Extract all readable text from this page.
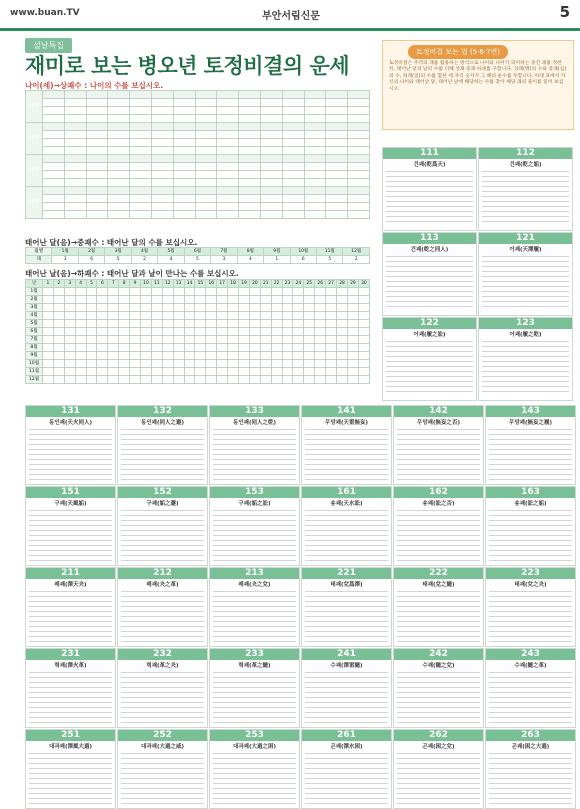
www.buan.TV	부안서림신문	5
설날특집
재미로 보는 병오년 토정비결의 운세
토정비결 보는 법 (5·6·7번)
토정비결은 주역의 괘를 활용하는 방식으로 나이와 나이가 의미하는 중간 괘를 정한 뒤, 태어난 달과 날의 수를 더해 상괘·중괘·하괘를 구합니다. 상괘(백)의 수와 중괘(십)의 수, 하괘(일)의 수를 합한 세 자리 숫자가 그 해의 운수를 뜻합니다. 아래 표에서 자신의 나이와 태어난 달, 태어난 날에 해당하는 수를 찾아 해당 괘의 풀이를 읽어 보십시오.
나이(세)→상괘수 : 나이의 수를 보십시오.
나이															

나이															

나이															

나이															

태어난 달(음)→중괘수 : 태어난 달의 수를 보십시오.
월별	1월	2월	3월	4월	5월	6월	7월	8월	9월	10월	11월	12월
괘	3	6	5	2	4	5	3	4	1	6	5	2
태어난 날(음)→하괘수 : 태어난 달과 날이 만나는 수를 보십시오.
날	1	2	3	4	5	6	7	8	9	10	11	12	13	14	15	16	17	18	19	20	21	22	23	24	25	26	27	28	29	30
1월																														
2월																														
3월																														
4월																														
5월																														
6월																														
7월																														
8월																														
9월																														
10월																														
11월																														
12월																														
111
건괘(乾爲天)
112
건괘(乾之姤)
113
건괘(乾之同人)
121
이괘(天澤履)
122
이괘(履之訟)
123
이괘(履之乾)
131
동인괘(天火同人)
132
동인괘(同人之遯)
133
동인괘(同人之乾)
141
무망괘(天雷無妄)
142
무망괘(無妄之否)
143
무망괘(無妄之履)
151
구괘(天風姤)
152
구괘(姤之遯)
153
구괘(姤之訟)
161
송괘(天水訟)
162
송괘(訟之否)
163
송괘(訟之姤)
211
쾌괘(澤天夬)
212
쾌괘(夬之革)
213
쾌괘(夬之兌)
221
태괘(兌爲澤)
222
태괘(兌之隨)
223
태괘(兌之夬)
231
혁괘(澤火革)
232
혁괘(革之夬)
233
혁괘(革之隨)
241
수괘(澤雷隨)
242
수괘(隨之兌)
243
수괘(隨之革)
251
대과괘(澤風大過)
252
대과괘(大過之咸)
253
대과괘(大過之困)
261
곤괘(澤水困)
262
곤괘(困之兌)
263
곤괘(困之大過)
